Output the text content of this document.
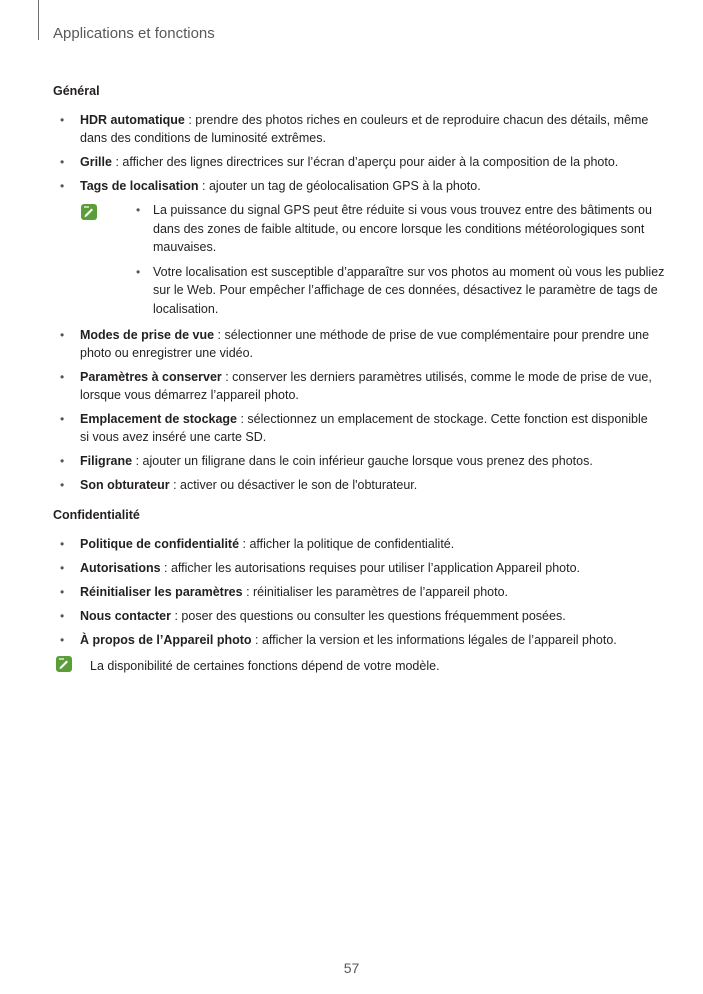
Applications et fonctions
Général
• HDR automatique : prendre des photos riches en couleurs et de reproduire chacun des détails, même dans des conditions de luminosité extrêmes.
• Grille : afficher des lignes directrices sur l’écran d’aperçu pour aider à la composition de la photo.
• Tags de localisation : ajouter un tag de géolocalisation GPS à la photo.
• La puissance du signal GPS peut être réduite si vous vous trouvez entre des bâtiments ou dans des zones de faible altitude, ou encore lorsque les conditions météorologiques sont mauvaises.
• Votre localisation est susceptible d’apparaître sur vos photos au moment où vous les publiez sur le Web. Pour empêcher l’affichage de ces données, désactivez le paramètre de tags de localisation.
• Modes de prise de vue : sélectionner une méthode de prise de vue complémentaire pour prendre une photo ou enregistrer une vidéo.
• Paramètres à conserver : conserver les derniers paramètres utilisés, comme le mode de prise de vue, lorsque vous démarrez l’appareil photo.
• Emplacement de stockage : sélectionnez un emplacement de stockage. Cette fonction est disponible si vous avez inséré une carte SD.
• Filigrane : ajouter un filigrane dans le coin inférieur gauche lorsque vous prenez des photos.
• Son obturateur : activer ou désactiver le son de l'obturateur.
Confidentialité
• Politique de confidentialité : afficher la politique de confidentialité.
• Autorisations : afficher les autorisations requises pour utiliser l’application Appareil photo.
• Réinitialiser les paramètres : réinitialiser les paramètres de l’appareil photo.
• Nous contacter : poser des questions ou consulter les questions fréquemment posées.
• À propos de l’Appareil photo : afficher la version et les informations légales de l’appareil photo.
La disponibilité de certaines fonctions dépend de votre modèle.
57
